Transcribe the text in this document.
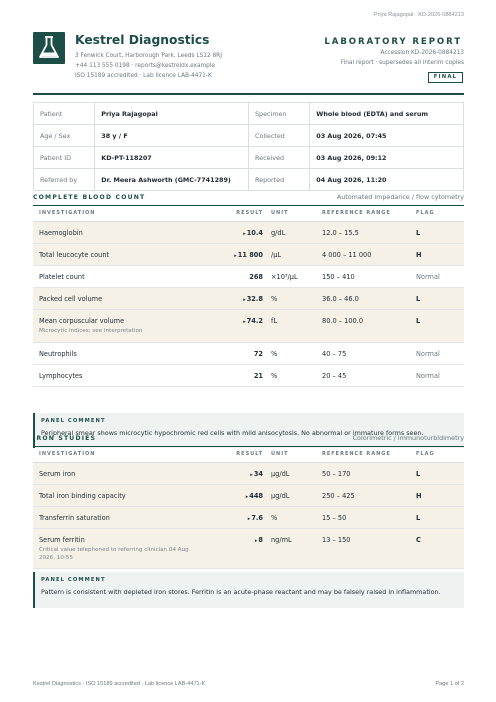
Priya Rajagopal · KD-2026-0884213
Kestrel Diagnostics
3 Fenwick Court, Harborough Park, Leeds LS12 8RJ
+44 113 555 0198 · reports@kestreldx.example
ISO 15189 accredited · Lab licence LAB-4471-K
LABORATORY REPORT
Accession KD-2026-0884213
Final report · supersedes all interim copies
FINAL
Patient	Priya Rajagopal	Specimen	Whole blood (EDTA) and serum
Age / Sex	38 y / F	Collected	03 Aug 2026, 07:45
Patient ID	KD-PT-118207	Received	03 Aug 2026, 09:12
Referred by	Dr. Meera Ashworth (GMC-7741289)	Reported	04 Aug 2026, 11:20
COMPLETE BLOOD COUNT	Automated impedance / flow cytometry
INVESTIGATION	RESULT	UNIT	REFERENCE RANGE	FLAG

Haemoglobin	▸10.4	g/dL	12.0 – 15.5	L

Total leucocyte count	▸11 800	/µL	4 000 – 11 000	H

Platelet count	268	×10³/µL	150 – 410	Normal

Packed cell volume	▸32.8	%	36.0 – 46.0	L

Mean corpuscular volume
Microcytic indices; see interpretation	▸74.2	fL	80.0 – 100.0	L

Neutrophils	72	%	40 – 75	Normal

Lymphocytes	21	%	20 – 45	Normal
PANEL COMMENT
Peripheral smear shows microcytic hypochromic red cells with mild anisocytosis. No abnormal or immature forms seen.
IRON STUDIES	Colorimetric / immunoturbidimetry
INVESTIGATION	RESULT	UNIT	REFERENCE RANGE	FLAG

Serum iron	▸34	µg/dL	50 – 170	L

Total iron binding capacity	▸448	µg/dL	250 – 425	H

Transferrin saturation	▸7.6	%	15 – 50	L

Serum ferritin
Critical value telephoned to referring clinician 04 Aug 2026, 10:55	▸8	ng/mL	13 – 150	C
PANEL COMMENT
Pattern is consistent with depleted iron stores. Ferritin is an acute-phase reactant and may be falsely raised in inflammation.
Kestrel Diagnostics · ISO 15189 accredited · Lab licence LAB-4471-K	Page 1 of 2
